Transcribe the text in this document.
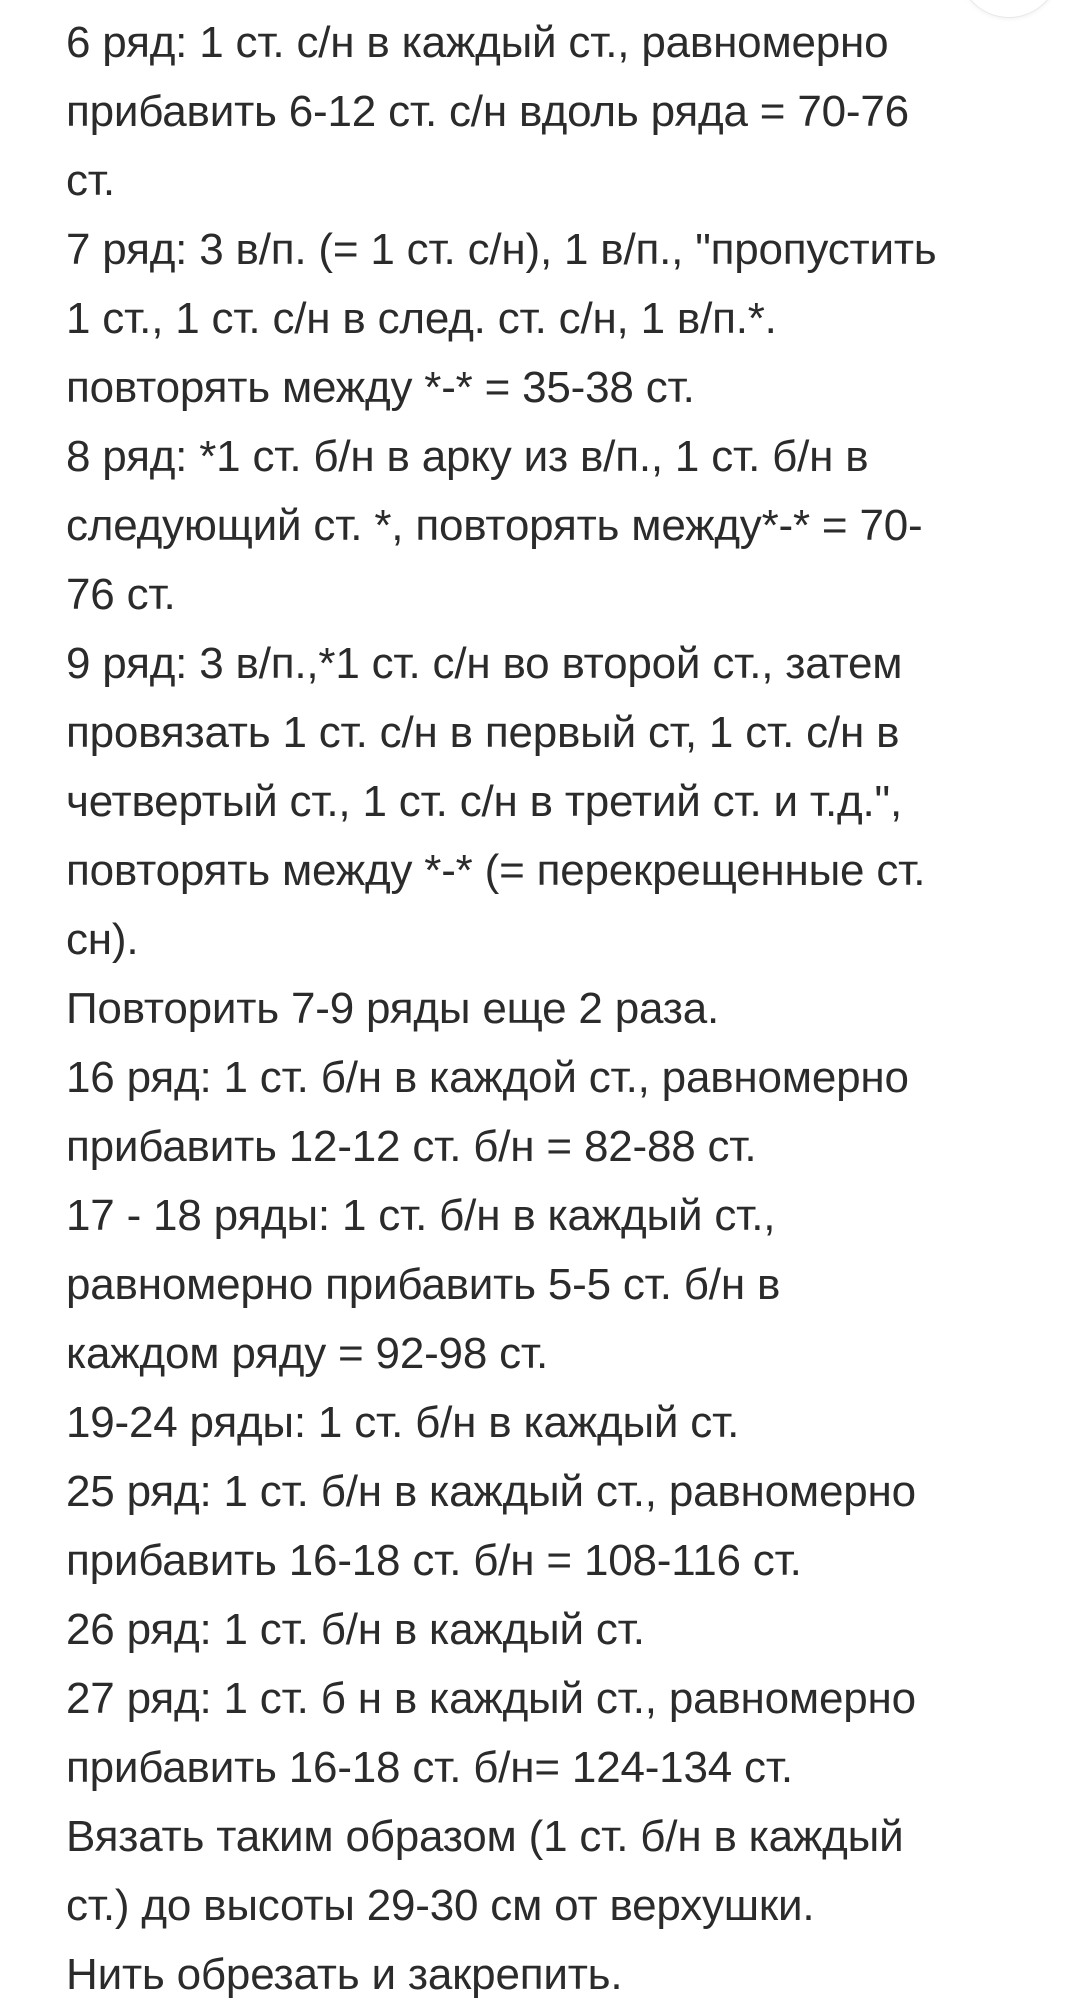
6 ряд: 1 ст. с/н в каждый ст., равномерно
прибавить 6-12 ст. с/н вдоль ряда = 70-76
ст.
7 ряд: 3 в/п. (= 1 ст. с/н), 1 в/п., "пропустить
1 ст., 1 ст. с/н в след. ст. с/н, 1 в/п.*.
повторять между *-* = 35-38 ст.
8 ряд: *1 ст. б/н в арку из в/п., 1 ст. б/н в
следующий ст. *, повторять между*-* = 70-
76 ст.
9 ряд: 3 в/п.,*1 ст. с/н во второй ст., затем
провязать 1 ст. с/н в первый ст, 1 ст. с/н в
четвертый ст., 1 ст. с/н в третий ст. и т.д.",
повторять между *-* (= перекрещенные ст.
сн).
Повторить 7-9 ряды еще 2 раза.
16 ряд: 1 ст. б/н в каждой ст., равномерно
прибавить 12-12 ст. б/н = 82-88 ст.
17 - 18 ряды: 1 ст. б/н в каждый ст.,
равномерно прибавить 5-5 ст. б/н в
каждом ряду = 92-98 ст.
19-24 ряды: 1 ст. б/н в каждый ст.
25 ряд: 1 ст. б/н в каждый ст., равномерно
прибавить 16-18 ст. б/н = 108-116 ст.
26 ряд: 1 ст. б/н в каждый ст.
27 ряд: 1 ст. б н в каждый ст., равномерно
прибавить 16-18 ст. б/н= 124-134 ст.
Вязать таким образом (1 ст. б/н в каждый
ст.) до высоты 29-30 см от верхушки.
Нить обрезать и закрепить.
